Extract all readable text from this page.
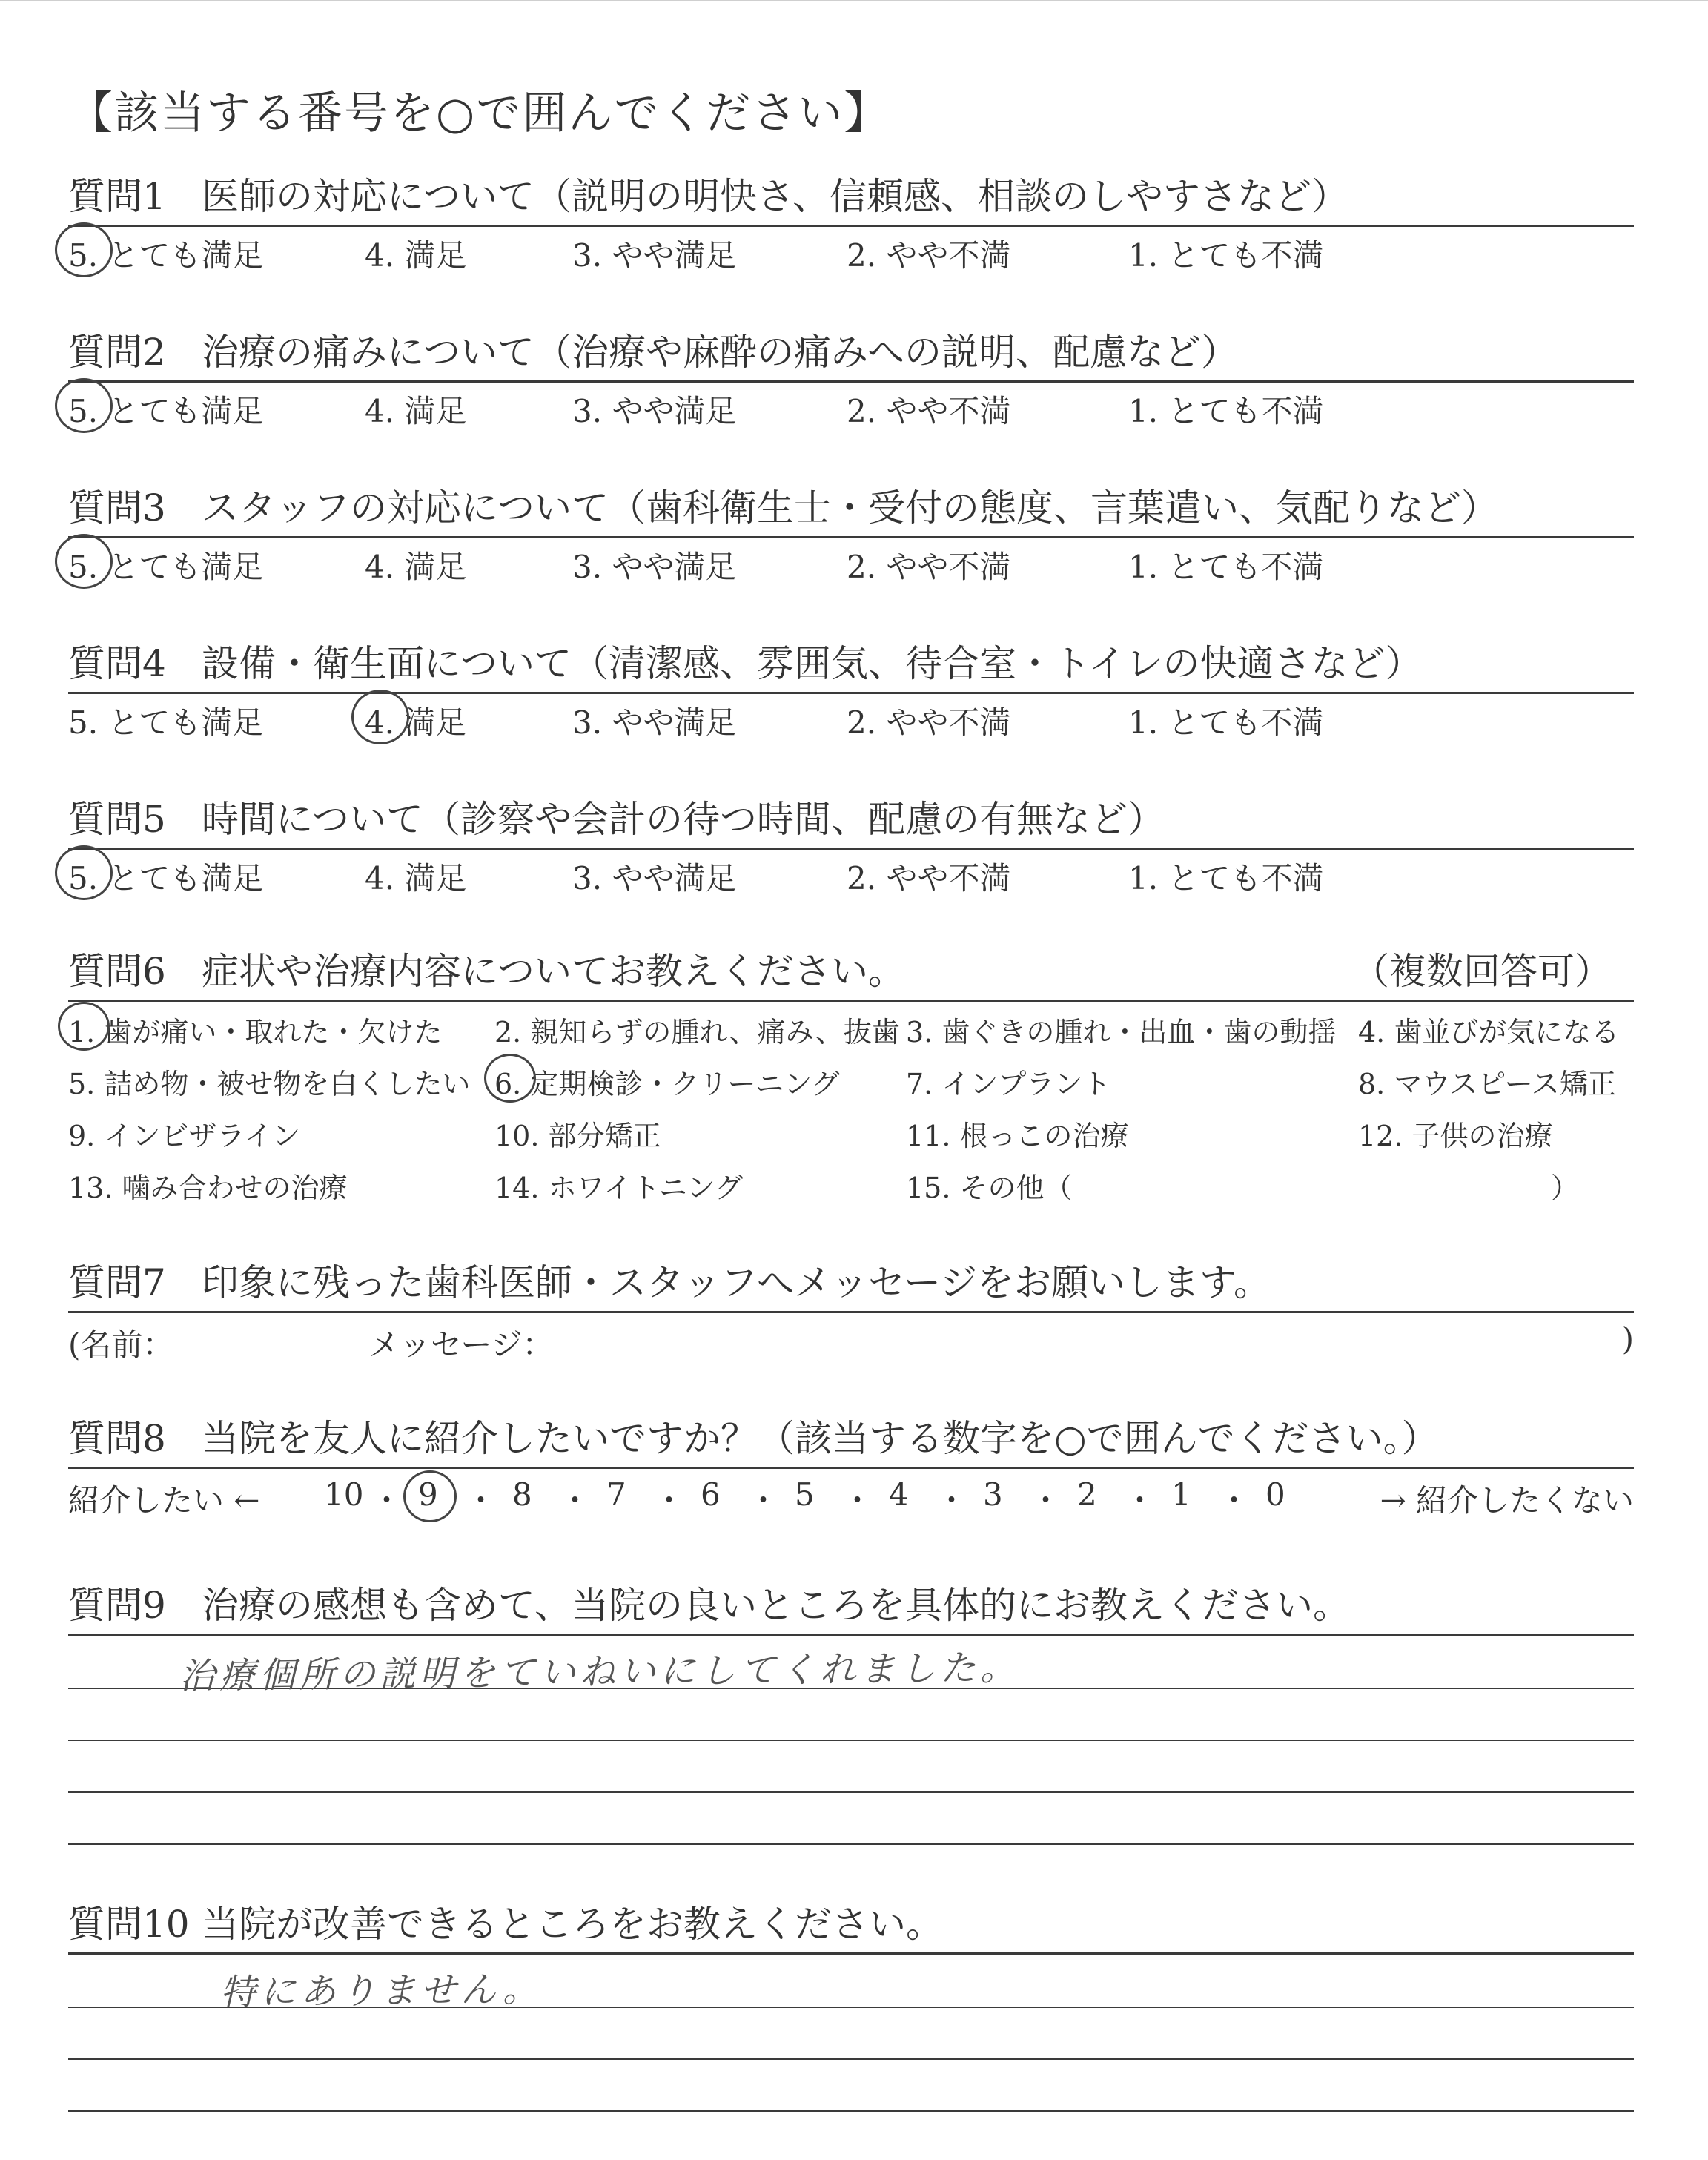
【該当する番号を○で囲んでください】
質問1 医師の対応について（説明の明快さ、信頼感、相談のしやすさなど）
5. とても満足	4. 満足	3. やや満足	2. やや不満	1. とても不満
質問2 治療の痛みについて（治療や麻酔の痛みへの説明、配慮など）
5. とても満足	4. 満足	3. やや満足	2. やや不満	1. とても不満
質問3 スタッフの対応について（歯科衛生士・受付の態度、言葉遣い、気配りなど）
5. とても満足	4. 満足	3. やや満足	2. やや不満	1. とても不満
質問4 設備・衛生面について（清潔感、雰囲気、待合室・トイレの快適さなど）
5. とても満足	4. 満足	3. やや満足	2. やや不満	1. とても不満
質問5 時間について（診察や会計の待つ時間、配慮の有無など）
5. とても満足	4. 満足	3. やや満足	2. やや不満	1. とても不満
質問6 症状や治療内容についてお教えください。	（複数回答可）
1. 歯が痛い・取れた・欠けた 2. 親知らずの腫れ、痛み、抜歯 3. 歯ぐきの腫れ・出血・歯の動揺 4. 歯並びが気になる
5. 詰め物・被せ物を白くしたい 6. 定期検診・クリーニング 7. インプラント	8. マウスピース矯正
9. インビザライン	10. 部分矯正	11. 根っこの治療	12. 子供の治療
13. 噛み合わせの治療	14. ホワイトニング	15. その他（	）
質問7 印象に残った歯科医師・スタッフへメッセージをお願いします。
(名前：	メッセージ：	)
質問8 当院を友人に紹介したいですか？（該当する数字を○で囲んでください。）
紹介したい ←	→ 紹介したくない
10 ・ 9 ・ 8 ・ 7 ・ 6 ・ 5 ・ 4 ・ 3 ・ 2 ・ 1 ・ 0
質問9 治療の感想も含めて、当院の良いところを具体的にお教えください。
治療個所の説明をていねいにしてくれました。
質問10 当院が改善できるところをお教えください。
特にありません。
